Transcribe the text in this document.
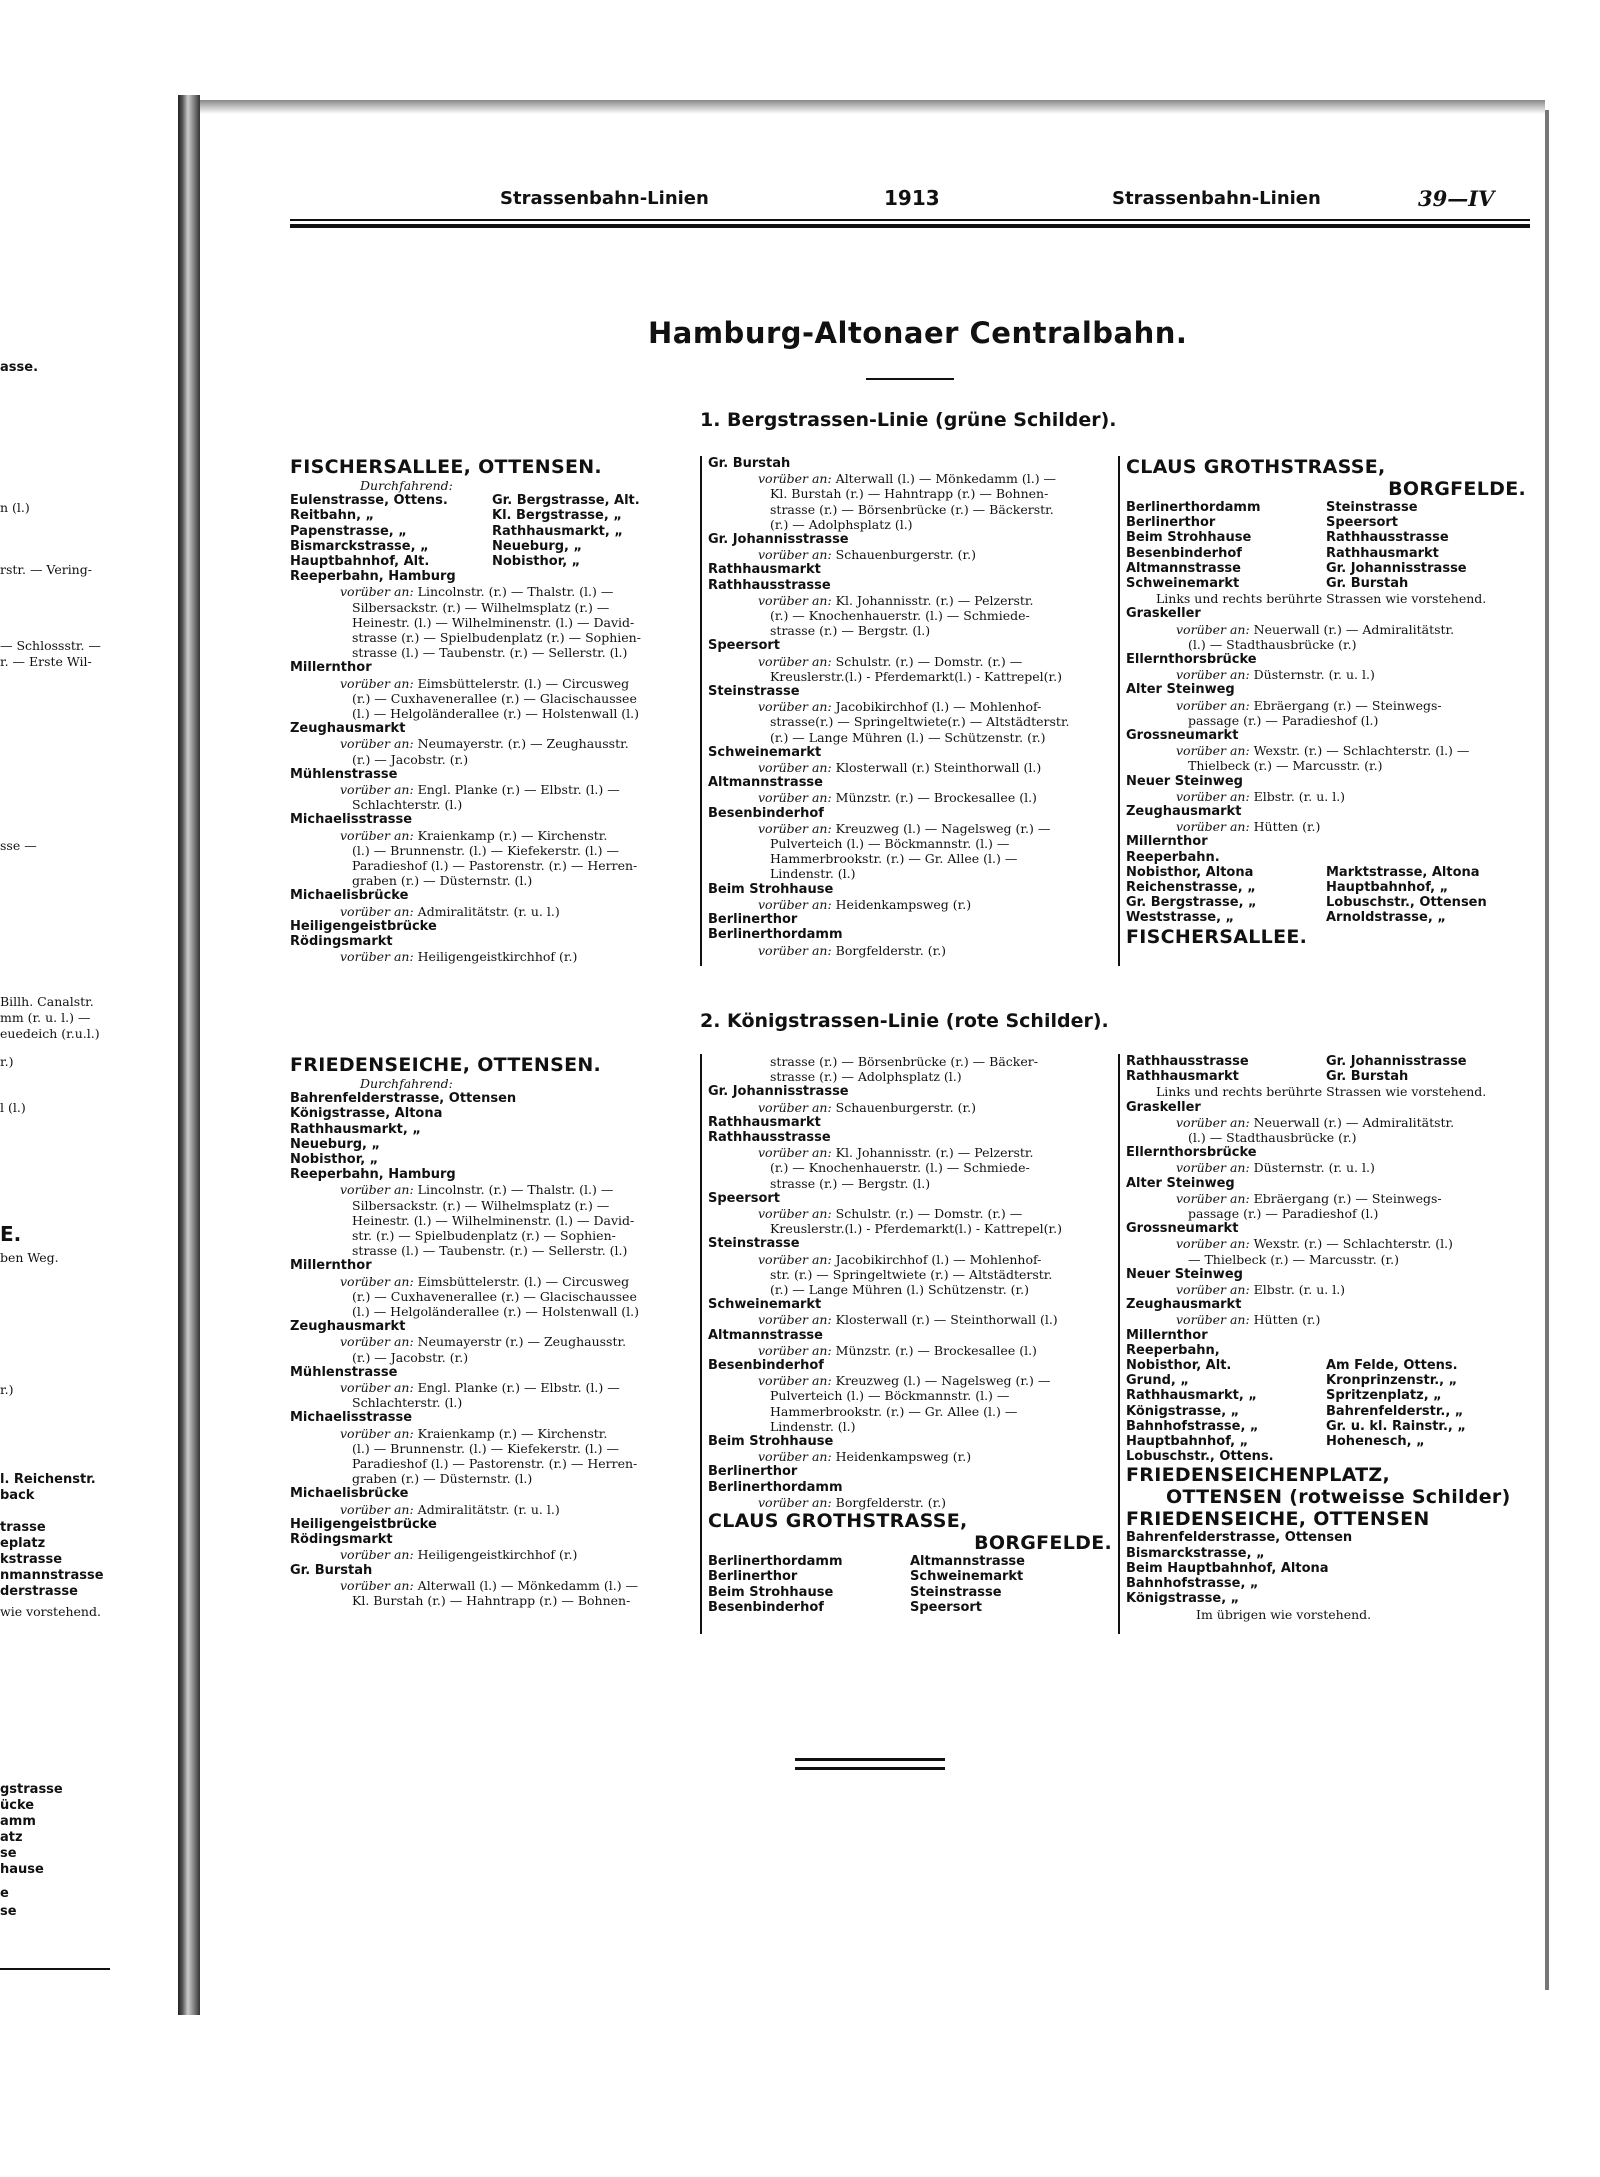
asse.
n (l.)
rstr. — Vering-
— Schlossstr. —
r. — Erste Wil-
sse —
Billh. Canalstr.
mm (r. u. l.) —
euedeich (r.u.l.)
r.)
l (l.)
E.
ben Weg.
r.)
l. Reichenstr.
back
trasse
eplatz
kstrasse
nmannstrasse
derstrasse
wie vorstehend.
gstrasse
ücke
amm
atz
se
hause
e
se
Strassenbahn-Linien	1913	Strassenbahn-Linien	39—IV
Hamburg-Altonaer Centralbahn.
1. Bergstrassen-Linie (grüne Schilder).
FISCHERSALLEE, OTTENSEN.
Durchfahrend:
Eulenstrasse, Ottens.	Gr. Bergstrasse, Alt.
Reitbahn, „	Kl. Bergstrasse, „
Papenstrasse, „	Rathhausmarkt, „
Bismarckstrasse, „	Neueburg, „
Hauptbahnhof, Alt.	Nobisthor, „
Reeperbahn, Hamburg
vorüber an: Lincolnstr. (r.) — Thalstr. (l.) —
Silbersackstr. (r.) — Wilhelmsplatz (r.) —
Heinestr. (l.) — Wilhelminenstr. (l.) — David-
strasse (r.) — Spielbudenplatz (r.) — Sophien-
strasse (l.) — Taubenstr. (r.) — Sellerstr. (l.)
Millernthor
vorüber an: Eimsbüttelerstr. (l.) — Circusweg
(r.) — Cuxhavenerallee (r.) — Glacischaussee
(l.) — Helgoländerallee (r.) — Holstenwall (l.)
Zeughausmarkt
vorüber an: Neumayerstr. (r.) — Zeughausstr.
(r.) — Jacobstr. (r.)
Mühlenstrasse
vorüber an: Engl. Planke (r.) — Elbstr. (l.) —
Schlachterstr. (l.)
Michaelisstrasse
vorüber an: Kraienkamp (r.) — Kirchenstr.
(l.) — Brunnenstr. (l.) — Kiefekerstr. (l.) —
Paradieshof (l.) — Pastorenstr. (r.) — Herren-
graben (r.) — Düsternstr. (l.)
Michaelisbrücke
vorüber an: Admiralitätstr. (r. u. l.)
Heiligengeistbrücke
Rödingsmarkt
vorüber an: Heiligengeistkirchhof (r.)
Gr. Burstah
vorüber an: Alterwall (l.) — Mönkedamm (l.) —
Kl. Burstah (r.) — Hahntrapp (r.) — Bohnen-
strasse (r.) — Börsenbrücke (r.) — Bäckerstr.
(r.) — Adolphsplatz (l.)
Gr. Johannisstrasse
vorüber an: Schauenburgerstr. (r.)
Rathhausmarkt
Rathhausstrasse
vorüber an: Kl. Johannisstr. (r.) — Pelzerstr.
(r.) — Knochenhauerstr. (l.) — Schmiede-
strasse (r.) — Bergstr. (l.)
Speersort
vorüber an: Schulstr. (r.) — Domstr. (r.) —
Kreuslerstr.(l.) - Pferdemarkt(l.) - Kattrepel(r.)
Steinstrasse
vorüber an: Jacobikirchhof (l.) — Mohlenhof-
strasse(r.) — Springeltwiete(r.) — Altstädterstr.
(r.) — Lange Mühren (l.) — Schützenstr. (r.)
Schweinemarkt
vorüber an: Klosterwall (r.) Steinthorwall (l.)
Altmannstrasse
vorüber an: Münzstr. (r.) — Brockesallee (l.)
Besenbinderhof
vorüber an: Kreuzweg (l.) — Nagelsweg (r.) —
Pulverteich (l.) — Böckmannstr. (l.) —
Hammerbrookstr. (r.) — Gr. Allee (l.) —
Lindenstr. (l.)
Beim Strohhause
vorüber an: Heidenkampsweg (r.)
Berlinerthor
Berlinerthordamm
vorüber an: Borgfelderstr. (r.)
CLAUS GROTHSTRASSE,
BORGFELDE.
Berlinerthordamm	Steinstrasse
Berlinerthor	Speersort
Beim Strohhause	Rathhausstrasse
Besenbinderhof	Rathhausmarkt
Altmannstrasse	Gr. Johannisstrasse
Schweinemarkt	Gr. Burstah
Links und rechts berührte Strassen wie vorstehend.
Graskeller
vorüber an: Neuerwall (r.) — Admiralitätstr.
(l.) — Stadthausbrücke (r.)
Ellernthorsbrücke
vorüber an: Düsternstr. (r. u. l.)
Alter Steinweg
vorüber an: Ebräergang (r.) — Steinwegs-
passage (r.) — Paradieshof (l.)
Grossneumarkt
vorüber an: Wexstr. (r.) — Schlachterstr. (l.) —
Thielbeck (r.) — Marcusstr. (r.)
Neuer Steinweg
vorüber an: Elbstr. (r. u. l.)
Zeughausmarkt
vorüber an: Hütten (r.)
Millernthor
Reeperbahn.
Nobisthor, Altona	Marktstrasse, Altona
Reichenstrasse, „	Hauptbahnhof, „
Gr. Bergstrasse, „	Lobuschstr., Ottensen
Weststrasse, „	Arnoldstrasse, „
FISCHERSALLEE.
2. Königstrassen-Linie (rote Schilder).
FRIEDENSEICHE, OTTENSEN.
Durchfahrend:
Bahrenfelderstrasse, Ottensen
Königstrasse, Altona
Rathhausmarkt, „
Neueburg, „
Nobisthor, „
Reeperbahn, Hamburg
vorüber an: Lincolnstr. (r.) — Thalstr. (l.) —
Silbersackstr. (r.) — Wilhelmsplatz (r.) —
Heinestr. (l.) — Wilhelminenstr. (l.) — David-
str. (r.) — Spielbudenplatz (r.) — Sophien-
strasse (l.) — Taubenstr. (r.) — Sellerstr. (l.)
Millernthor
vorüber an: Eimsbüttelerstr. (l.) — Circusweg
(r.) — Cuxhavenerallee (r.) — Glacischaussee
(l.) — Helgoländerallee (r.) — Holstenwall (l.)
Zeughausmarkt
vorüber an: Neumayerstr (r.) — Zeughausstr.
(r.) — Jacobstr. (r.)
Mühlenstrasse
vorüber an: Engl. Planke (r.) — Elbstr. (l.) —
Schlachterstr. (l.)
Michaelisstrasse
vorüber an: Kraienkamp (r.) — Kirchenstr.
(l.) — Brunnenstr. (l.) — Kiefekerstr. (l.) —
Paradieshof (l.) — Pastorenstr. (r.) — Herren-
graben (r.) — Düsternstr. (l.)
Michaelisbrücke
vorüber an: Admiralitätstr. (r. u. l.)
Heiligengeistbrücke
Rödingsmarkt
vorüber an: Heiligengeistkirchhof (r.)
Gr. Burstah
vorüber an: Alterwall (l.) — Mönkedamm (l.) —
Kl. Burstah (r.) — Hahntrapp (r.) — Bohnen-
strasse (r.) — Börsenbrücke (r.) — Bäcker-
strasse (r.) — Adolphsplatz (l.)
Gr. Johannisstrasse
vorüber an: Schauenburgerstr. (r.)
Rathhausmarkt
Rathhausstrasse
vorüber an: Kl. Johannisstr. (r.) — Pelzerstr.
(r.) — Knochenhauerstr. (l.) — Schmiede-
strasse (r.) — Bergstr. (l.)
Speersort
vorüber an: Schulstr. (r.) — Domstr. (r.) —
Kreuslerstr.(l.) - Pferdemarkt(l.) - Kattrepel(r.)
Steinstrasse
vorüber an: Jacobikirchhof (l.) — Mohlenhof-
str. (r.) — Springeltwiete (r.) — Altstädterstr.
(r.) — Lange Mühren (l.) Schützenstr. (r.)
Schweinemarkt
vorüber an: Klosterwall (r.) — Steinthorwall (l.)
Altmannstrasse
vorüber an: Münzstr. (r.) — Brockesallee (l.)
Besenbinderhof
vorüber an: Kreuzweg (l.) — Nagelsweg (r.) —
Pulverteich (l.) — Böckmannstr. (l.) —
Hammerbrookstr. (r.) — Gr. Allee (l.) —
Lindenstr. (l.)
Beim Strohhause
vorüber an: Heidenkampsweg (r.)
Berlinerthor
Berlinerthordamm
vorüber an: Borgfelderstr. (r.)
CLAUS GROTHSTRASSE,
BORGFELDE.
Berlinerthordamm	Altmannstrasse
Berlinerthor	Schweinemarkt
Beim Strohhause	Steinstrasse
Besenbinderhof	Speersort
Rathhausstrasse	Gr. Johannisstrasse
Rathhausmarkt	Gr. Burstah
Links und rechts berührte Strassen wie vorstehend.
Graskeller
vorüber an: Neuerwall (r.) — Admiralitätstr.
(l.) — Stadthausbrücke (r.)
Ellernthorsbrücke
vorüber an: Düsternstr. (r. u. l.)
Alter Steinweg
vorüber an: Ebräergang (r.) — Steinwegs-
passage (r.) — Paradieshof (l.)
Grossneumarkt
vorüber an: Wexstr. (r.) — Schlachterstr. (l.)
— Thielbeck (r.) — Marcusstr. (r.)
Neuer Steinweg
vorüber an: Elbstr. (r. u. l.)
Zeughausmarkt
vorüber an: Hütten (r.)
Millernthor
Reeperbahn,
Nobisthor, Alt.	Am Felde, Ottens.
Grund, „	Kronprinzenstr., „
Rathhausmarkt, „	Spritzenplatz, „
Königstrasse, „	Bahrenfelderstr., „
Bahnhofstrasse, „	Gr. u. kl. Rainstr., „
Hauptbahnhof, „	Hohenesch, „
Lobuschstr., Ottens.
FRIEDENSEICHENPLATZ,
OTTENSEN (rotweisse Schilder)
FRIEDENSEICHE, OTTENSEN
Bahrenfelderstrasse, Ottensen
Bismarckstrasse, „
Beim Hauptbahnhof, Altona
Bahnhofstrasse, „
Königstrasse, „
Im übrigen wie vorstehend.
